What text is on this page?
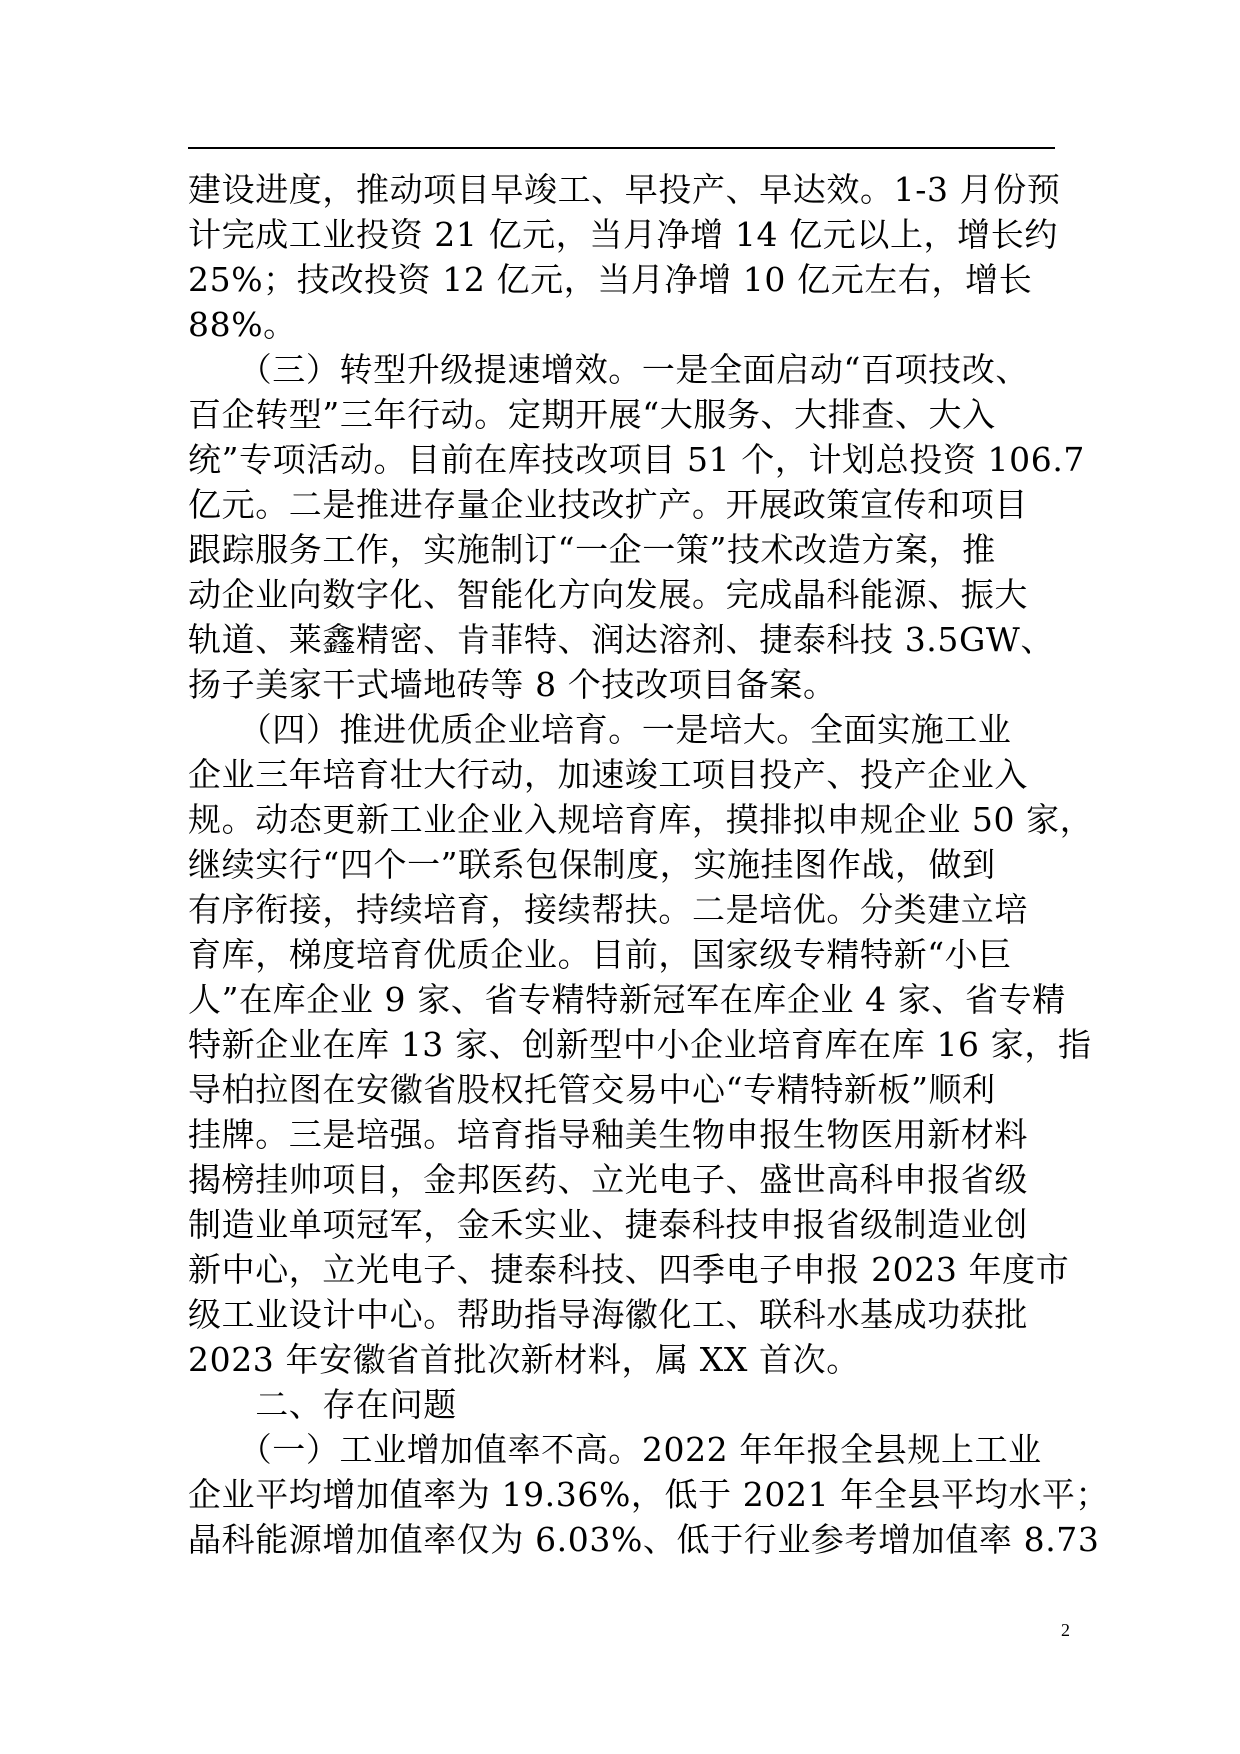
建设进度，推动项目早竣工、早投产、早达效。1-3 月份预
计完成工业投资 21 亿元，当月净增 14 亿元以上，增长约
25%；技改投资 12 亿元，当月净增 10 亿元左右，增长
88%。
　　（三）转型升级提速增效。一是全面启动“百项技改、
百企转型”三年行动。定期开展“大服务、大排查、大入
统”专项活动。目前在库技改项目 51 个，计划总投资 106.7
亿元。二是推进存量企业技改扩产。开展政策宣传和项目
跟踪服务工作，实施制订“一企一策”技术改造方案，推
动企业向数字化、智能化方向发展。完成晶科能源、振大
轨道、莱鑫精密、肯菲特、润达溶剂、捷泰科技 3.5GW、
扬子美家干式墙地砖等 8 个技改项目备案。
　　（四）推进优质企业培育。一是培大。全面实施工业
企业三年培育壮大行动，加速竣工项目投产、投产企业入
规。动态更新工业企业入规培育库，摸排拟申规企业 50 家，
继续实行“四个一”联系包保制度，实施挂图作战，做到
有序衔接，持续培育，接续帮扶。二是培优。分类建立培
育库，梯度培育优质企业。目前，国家级专精特新“小巨
人”在库企业 9 家、省专精特新冠军在库企业 4 家、省专精
特新企业在库 13 家、创新型中小企业培育库在库 16 家，指
导柏拉图在安徽省股权托管交易中心“专精特新板”顺利
挂牌。三是培强。培育指导釉美生物申报生物医用新材料
揭榜挂帅项目，金邦医药、立光电子、盛世高科申报省级
制造业单项冠军，金禾实业、捷泰科技申报省级制造业创
新中心，立光电子、捷泰科技、四季电子申报 2023 年度市
级工业设计中心。帮助指导海徽化工、联科水基成功获批
2023 年安徽省首批次新材料，属 XX 首次。
　　二、存在问题
　　（一）工业增加值率不高。2022 年年报全县规上工业
企业平均增加值率为 19.36%，低于 2021 年全县平均水平；
晶科能源增加值率仅为 6.03%、低于行业参考增加值率 8.73
2
